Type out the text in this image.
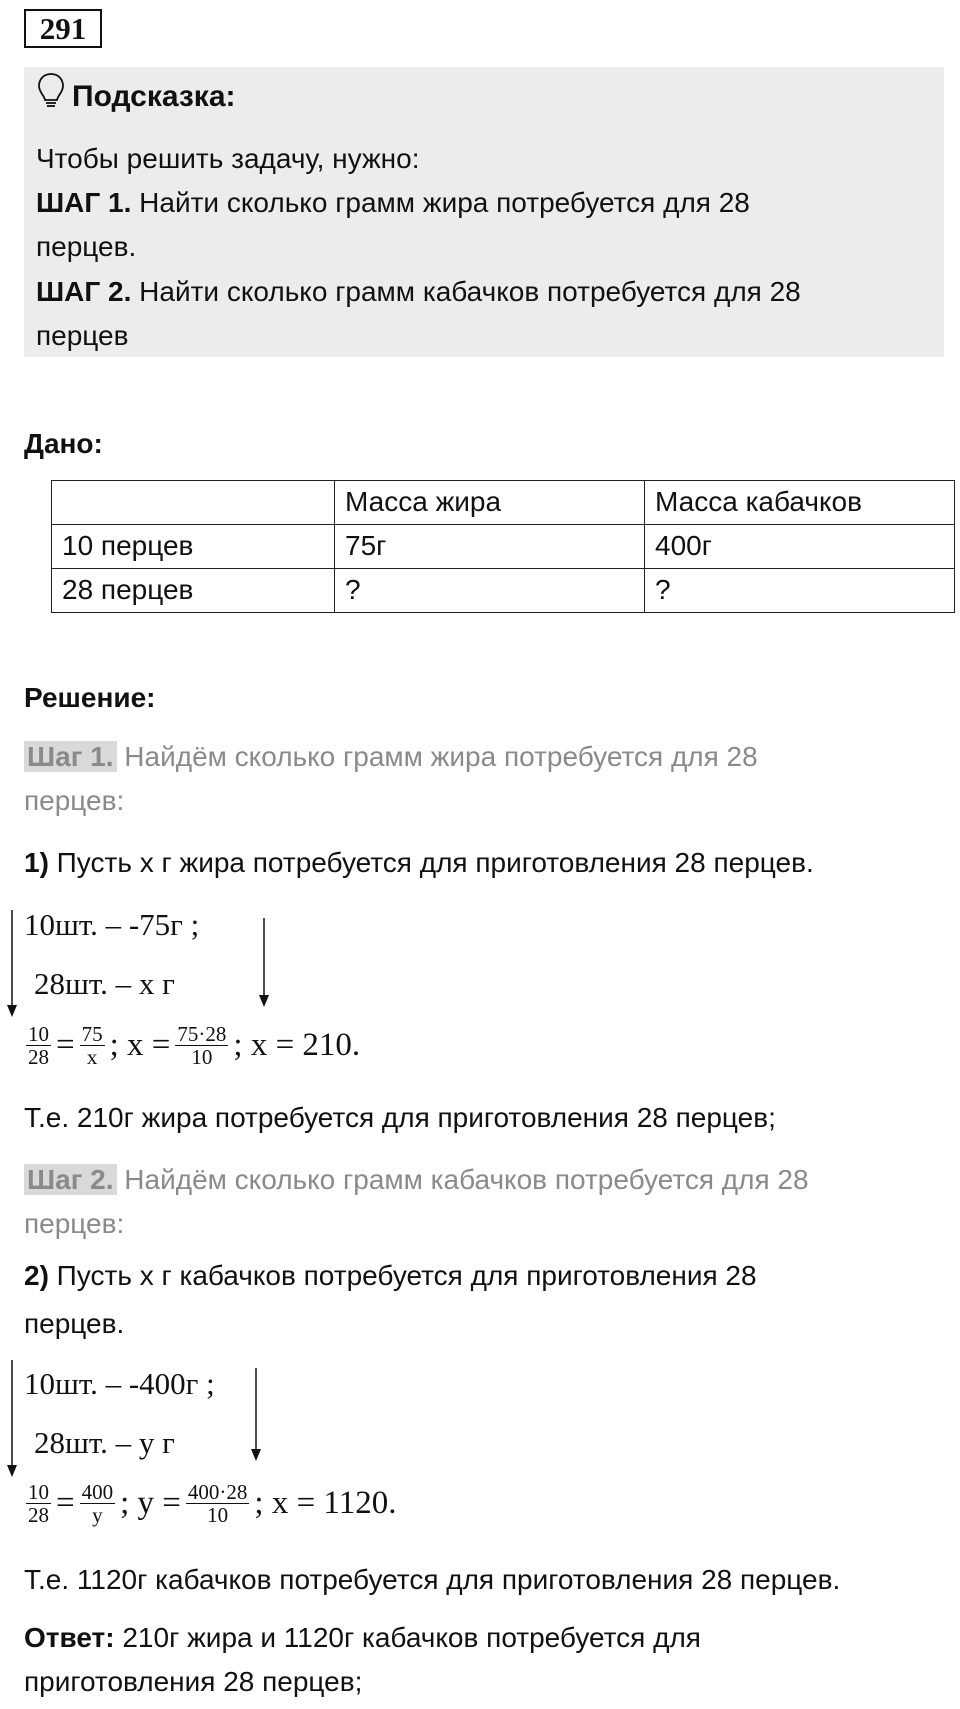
291
Подсказка:
Чтобы решить задачу, нужно:
ШАГ 1. Найти сколько грамм жира потребуется для 28
перцев.
ШАГ 2. Найти сколько грамм кабачков потребуется для 28
перцев
Дано:
	Масса жира	Масса кабачков
10 перцев	75г	400г
28 перцев	?	?
Решение:
Шаг 1. Найдём сколько грамм жира потребуется для 28
перцев:
1) Пусть х г жира потребуется для приготовления 28 перцев.
10шт. – -75г ;
28шт. – х г
$\frac{10}{28} = \frac{75}{х}$ ; $х = \frac{75\cdot 28}{10}$ ; х = 210.
Т.е. 210г жира потребуется для приготовления 28 перцев;
Шаг 2. Найдём сколько грамм кабачков потребуется для 28
перцев:
2) Пусть х г кабачков потребуется для приготовления 28
перцев.
10шт. – -400г ;
28шт. – y г
$\frac{10}{28} = \frac{400}{y}$ ; $y = \frac{400\cdot 28}{10}$ ; х = 1120.
Т.е. 1120г кабачков потребуется для приготовления 28 перцев.
Ответ: 210г жира и 1120г кабачков потребуется для
приготовления 28 перцев;
